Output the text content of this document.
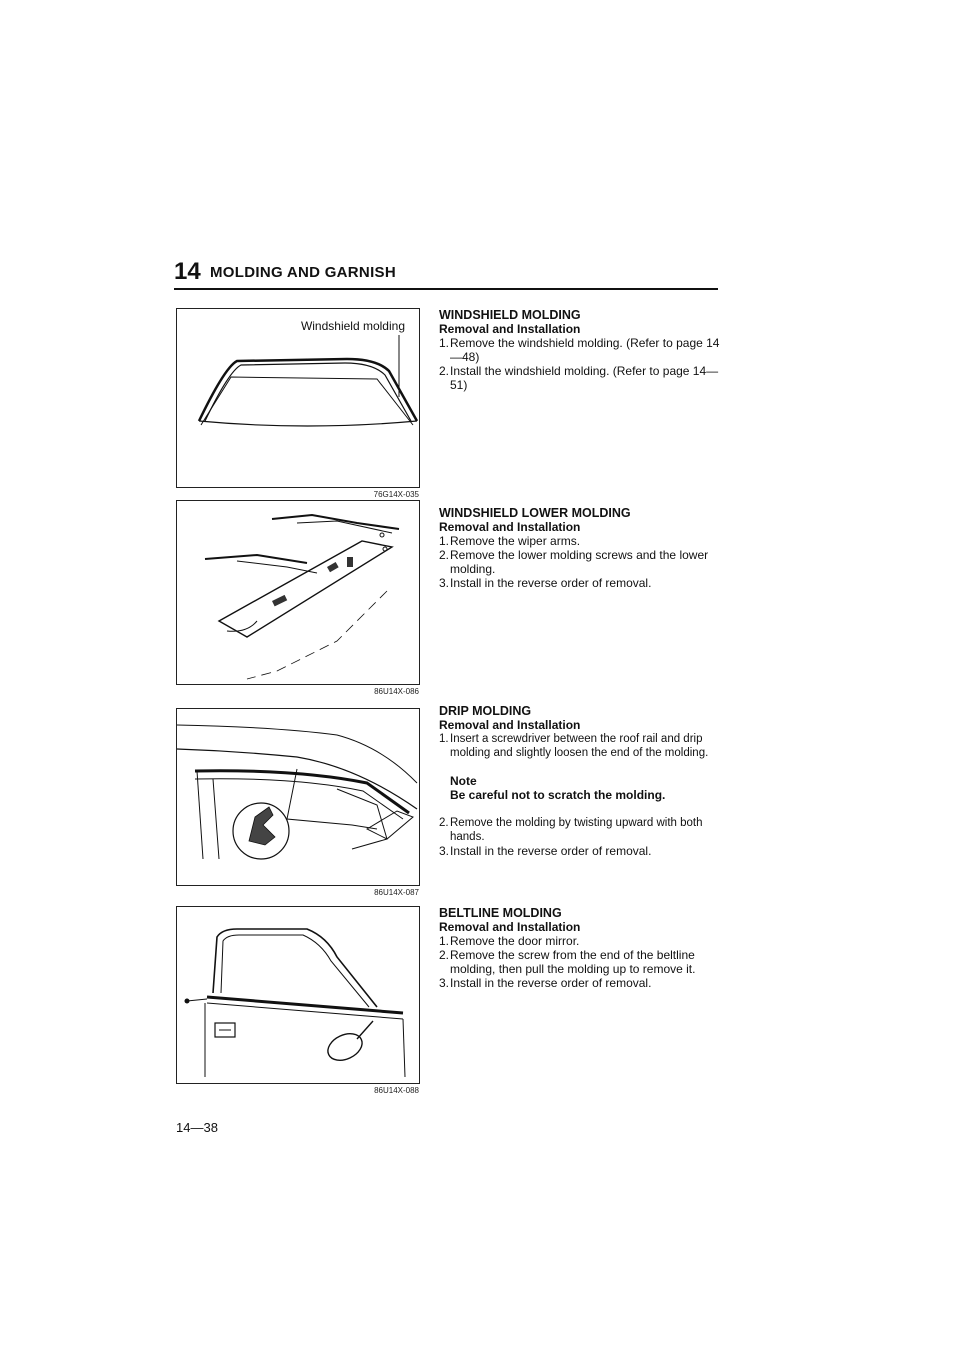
14 MOLDING AND GARNISH
Windshield molding
76G14X-035
86U14X-086
86U14X-087
86U14X-088
WINDSHIELD MOLDING
Removal and Installation
1. Remove the windshield molding. (Refer to page 14—48)
2. Install the windshield molding. (Refer to page 14—51)
WINDSHIELD LOWER MOLDING
Removal and Installation
1. Remove the wiper arms.
2. Remove the lower molding screws and the lower molding.
3. Install in the reverse order of removal.
DRIP MOLDING
Removal and Installation
1. Insert a screwdriver between the roof rail and drip molding and slightly loosen the end of the molding.
Note
Be careful not to scratch the molding.
2. Remove the molding by twisting upward with both hands.
3. Install in the reverse order of removal.
BELTLINE MOLDING
Removal and Installation
1. Remove the door mirror.
2. Remove the screw from the end of the beltline molding, then pull the molding up to remove it.
3. Install in the reverse order of removal.
14—38
